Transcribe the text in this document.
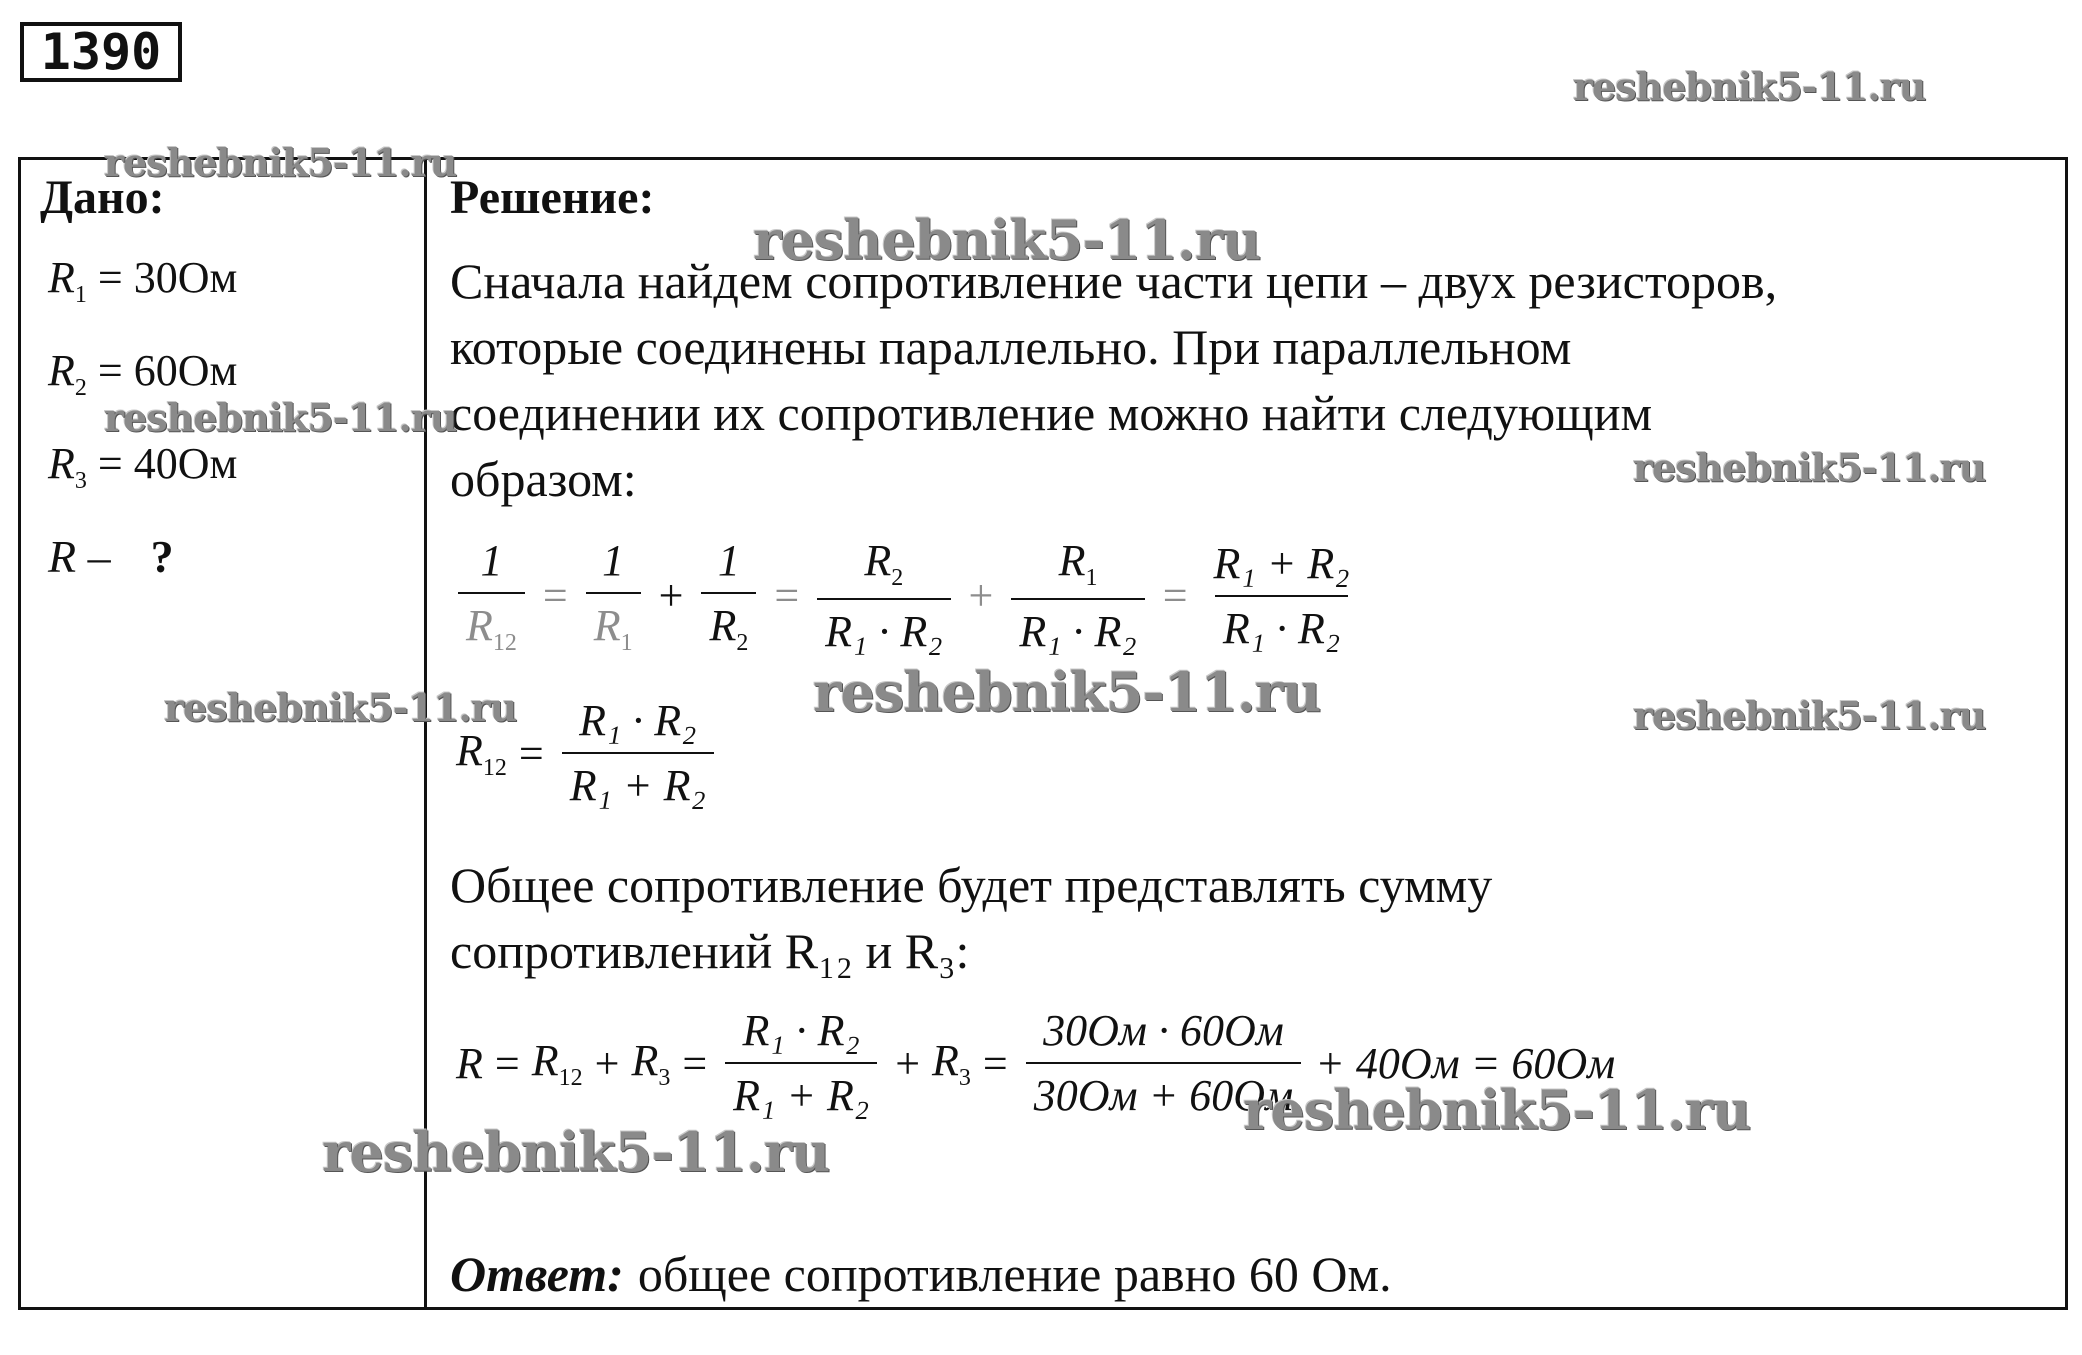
1390
Дано:
$R_1 = 30Ом$
$R_2 = 60Ом$
$R_3 = 40Ом$
R – ?
Решение:
Сначала найдем сопротивление части цепи – двух резисторов,
которые соединены параллельно. При параллельном
соединении их сопротивление можно найти следующим
образом:
$\frac{1}{R_{12}} = \frac{1}{R_1} + \frac{1}{R_2} = \frac{R_2}{\text{R₁ · R₂}} + \frac{R_1}{\text{R₁ · R₂}} = \frac{\text{R₁ + R₂}}{\text{R₁ · R₂}}$
$R_{12} = \frac{\text{R₁ · R₂}}{\text{R₁ + R₂}}$
Общее сопротивление будет представлять сумму
сопротивлений R₁₂ и R₃:
$R = R_{12} + R_3 = \frac{\text{R₁ · R₂}}{\text{R₁ + R₂}} + R_3 = \frac{30Ом \cdot 60Ом}{30Ом + 60Ом} + 40Ом = 60Ом$
Ответ: общее сопротивление равно 60 Ом.
reshebnik5-11.ru
reshebnik5-11.ru
reshebnik5-11.ru
reshebnik5-11.ru
reshebnik5-11.ru
reshebnik5-11.ru	reshebnik5-11.ru	reshebnik5-11.ru
reshebnik5-11.ru
reshebnik5-11.ru
